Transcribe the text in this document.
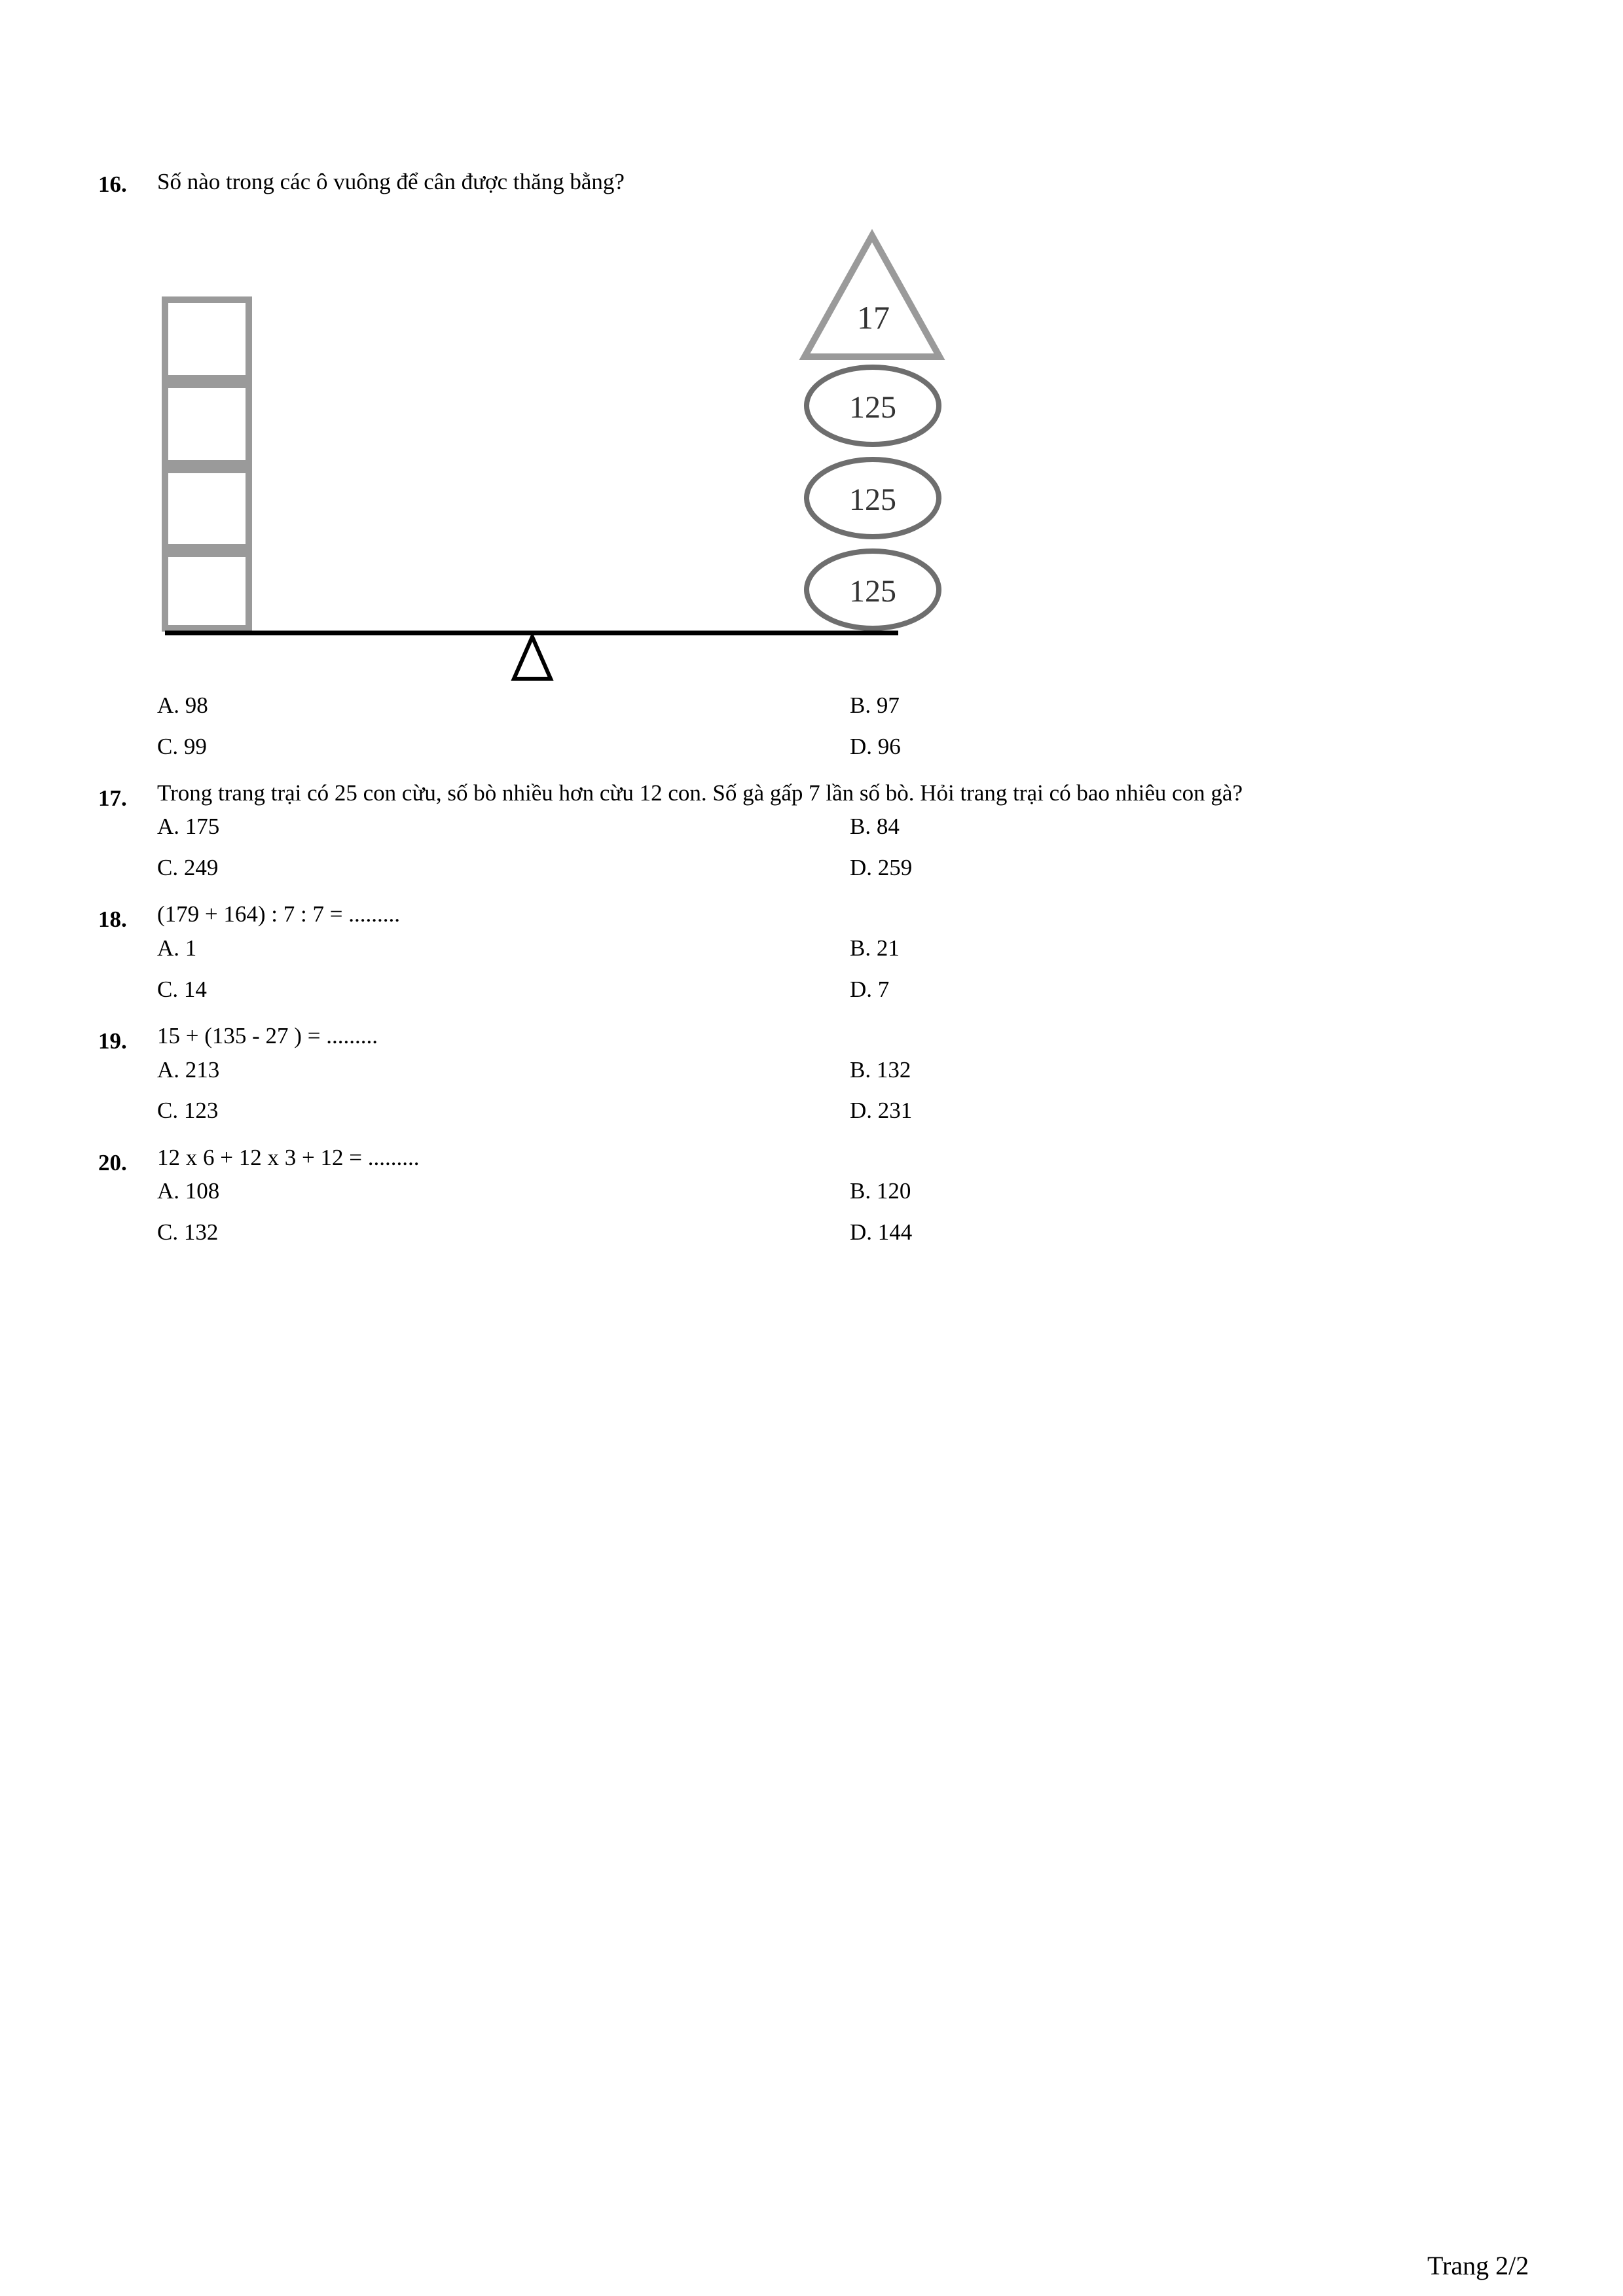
16. Số nào trong các ô vuông để cân được thăng bằng?
17
125
125
125
A. 98	B. 97
C. 99	D. 96
17. Trong trang trại có 25 con cừu, số bò nhiều hơn cừu 12 con. Số gà gấp 7 lần số bò. Hỏi trang trại có bao nhiêu con gà?
A. 175	B. 84
C. 249	D. 259
18. (179 + 164) : 7 : 7 = .........
A. 1	B. 21
C. 14	D. 7
19. 15 + (135 - 27 ) = .........
A. 213	B. 132
C. 123	D. 231
20. 12 x 6 + 12 x 3 + 12 = .........
A. 108	B. 120
C. 132	D. 144
Trang 2/2
